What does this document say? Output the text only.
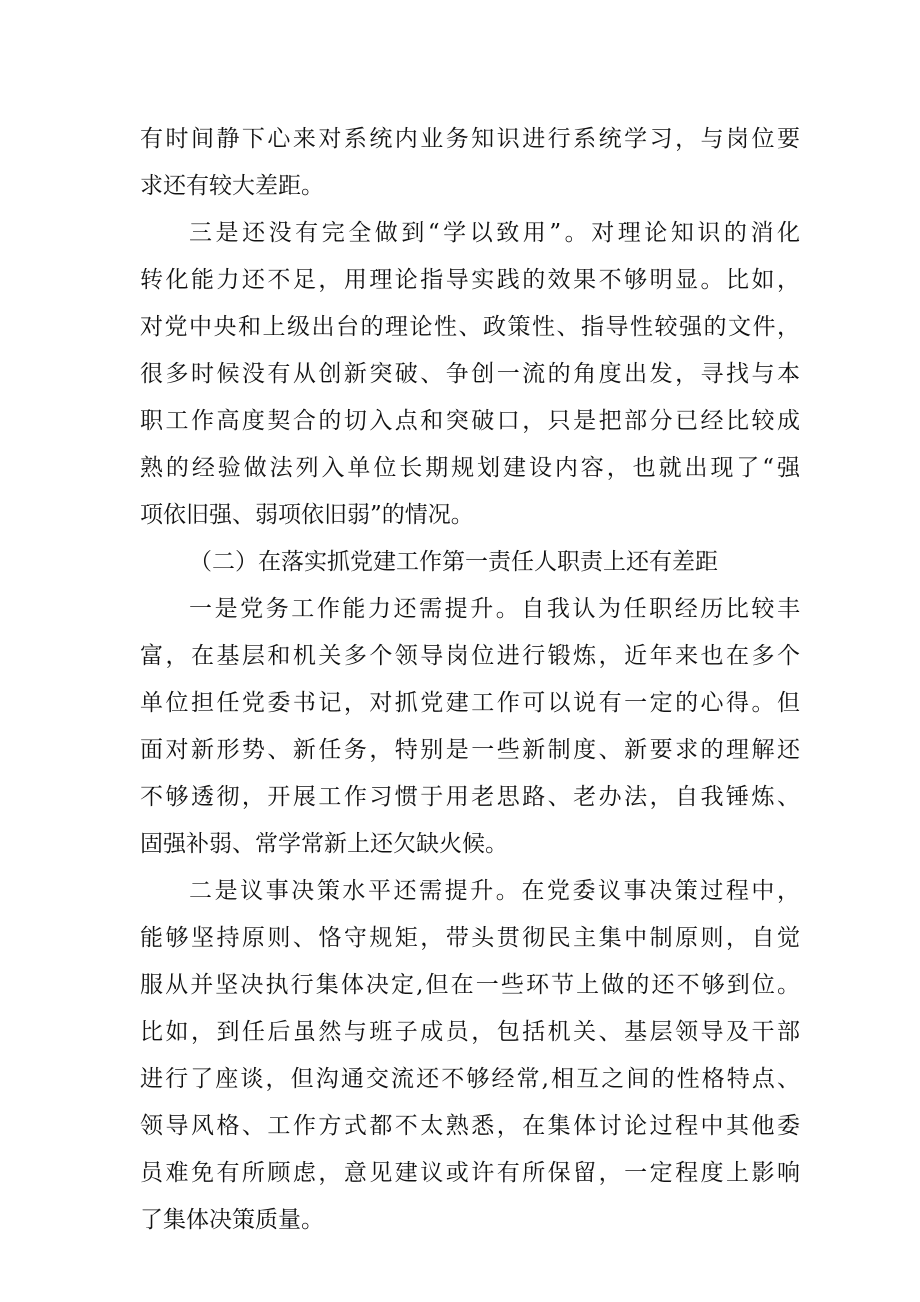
有时间静下心来对系统内业务知识进行系统学习，与岗位要
求还有较大差距。
三是还没有完全做到“学以致用”。对理论知识的消化
转化能力还不足，用理论指导实践的效果不够明显。比如，
对党中央和上级出台的理论性、政策性、指导性较强的文件，
很多时候没有从创新突破、争创一流的角度出发，寻找与本
职工作高度契合的切入点和突破口，只是把部分已经比较成
熟的经验做法列入单位长期规划建设内容，也就出现了“强
项依旧强、弱项依旧弱”的情况。
（二）在落实抓党建工作第一责任人职责上还有差距
一是党务工作能力还需提升。自我认为任职经历比较丰
富，在基层和机关多个领导岗位进行锻炼，近年来也在多个
单位担任党委书记，对抓党建工作可以说有一定的心得。但
面对新形势、新任务，特别是一些新制度、新要求的理解还
不够透彻，开展工作习惯于用老思路、老办法，自我锤炼、
固强补弱、常学常新上还欠缺火候。
二是议事决策水平还需提升。在党委议事决策过程中，
能够坚持原则、恪守规矩，带头贯彻民主集中制原则，自觉
服从并坚决执行集体决定,但在一些环节上做的还不够到位。
比如，到任后虽然与班子成员，包括机关、基层领导及干部
进行了座谈，但沟通交流还不够经常,相互之间的性格特点、
领导风格、工作方式都不太熟悉，在集体讨论过程中其他委
员难免有所顾虑，意见建议或许有所保留，一定程度上影响
了集体决策质量。
